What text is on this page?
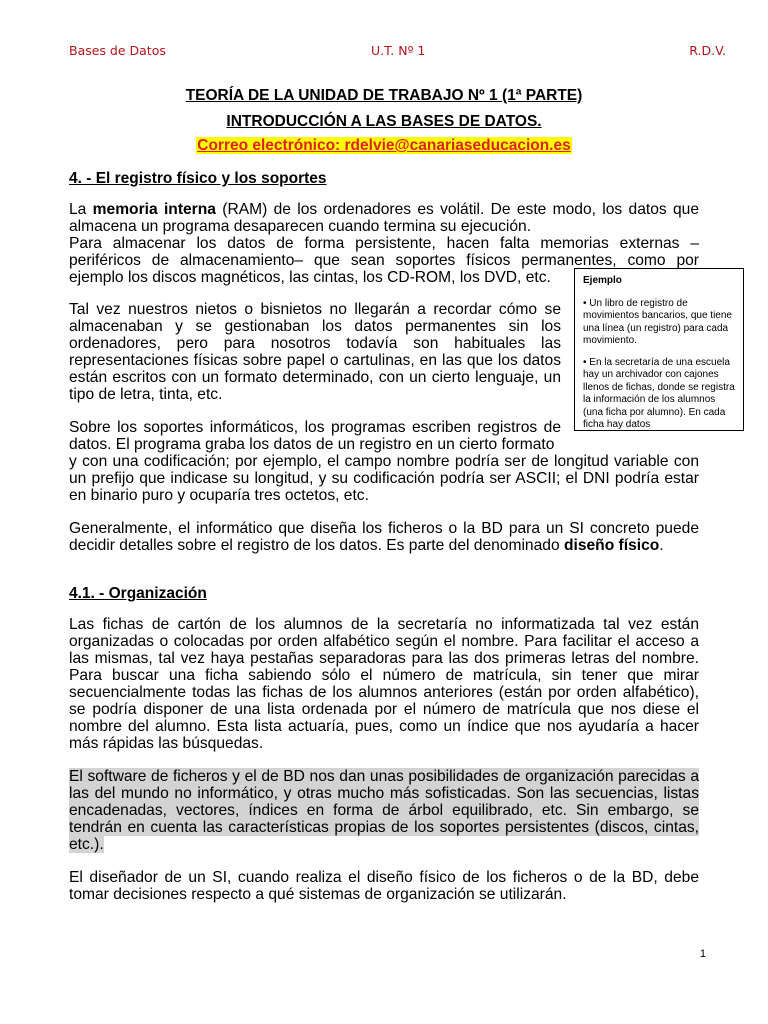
Bases de Datos	U.T. Nº 1	R.D.V.
TEORÍA DE LA UNIDAD DE TRABAJO Nº 1 (1ª PARTE)
INTRODUCCIÓN A LAS BASES DE DATOS.
Correo electrónico: rdelvie@canariaseducacion.es
4. - El registro físico y los soportes
La memoria interna (RAM) de los ordenadores es volátil. De este modo, los datos que almacena un programa desaparecen cuando termina su ejecución.
Para almacenar los datos de forma persistente, hacen falta memorias externas –periféricos de almacenamiento– que sean soportes físicos permanentes, como por ejemplo los discos magnéticos, las cintas, los CD-ROM, los DVD, etc.
Tal vez nuestros nietos o bisnietos no llegarán a recordar cómo se almacenaban y se gestionaban los datos permanentes sin los ordenadores, pero para nosotros todavía son habituales las representaciones físicas sobre papel o cartulinas, en las que los datos están escritos con un formato determinado, con un cierto lenguaje, un tipo de letra, tinta, etc.
Sobre los soportes informáticos, los programas escriben registros de datos. El programa graba los datos de un registro en un cierto formato
y con una codificación; por ejemplo, el campo nombre podría ser de longitud variable con un prefijo que indicase su longitud, y su codificación podría ser ASCII; el DNI podría estar en binario puro y ocuparía tres octetos, etc.
Generalmente, el informático que diseña los ficheros o la BD para un SI concreto puede decidir detalles sobre el registro de los datos. Es parte del denominado diseño físico.
Ejemplo
• Un libro de registro de movimientos bancarios, que tiene una línea (un registro) para cada movimiento.
• En la secretaría de una escuela hay un archivador con cajones llenos de fichas, donde se registra la información de los alumnos (una ficha por alumno). En cada ficha hay datos
4.1. - Organización
Las fichas de cartón de los alumnos de la secretaría no informatizada tal vez están organizadas o colocadas por orden alfabético según el nombre. Para facilitar el acceso a las mismas, tal vez haya pestañas separadoras para las dos primeras letras del nombre. Para buscar una ficha sabiendo sólo el número de matrícula, sin tener que mirar secuencialmente todas las fichas de los alumnos anteriores (están por orden alfabético), se podría disponer de una lista ordenada por el número de matrícula que nos diese el nombre del alumno. Esta lista actuaría, pues, como un índice que nos ayudaría a hacer más rápidas las búsquedas.
El software de ficheros y el de BD nos dan unas posibilidades de organización parecidas a las del mundo no informático, y otras mucho más sofisticadas. Son las secuencias, listas encadenadas, vectores, índices en forma de árbol equilibrado, etc. Sin embargo, se tendrán en cuenta las características propias de los soportes persistentes (discos, cintas, etc.).
El diseñador de un SI, cuando realiza el diseño físico de los ficheros o de la BD, debe tomar decisiones respecto a qué sistemas de organización se utilizarán.
1
